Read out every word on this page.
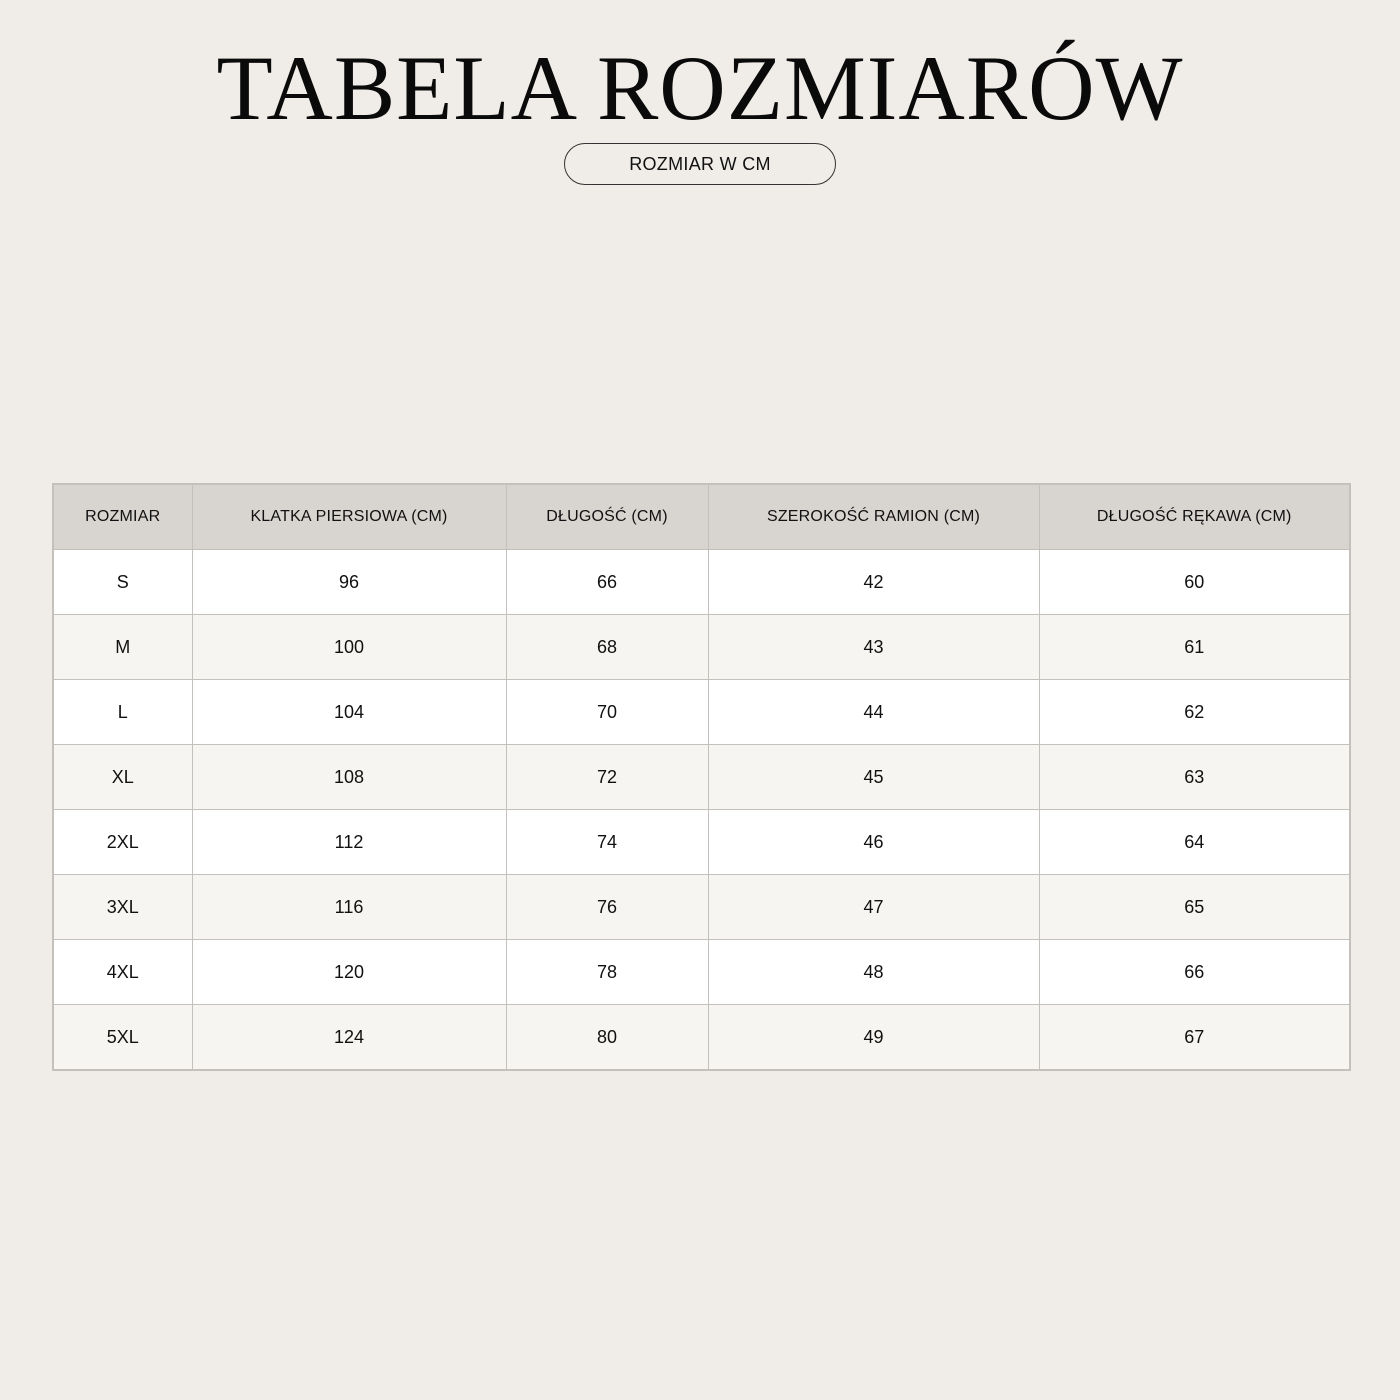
TABELA ROZMIARÓW
ROZMIAR W CM
ROZMIAR	KLATKA PIERSIOWA (CM)	DŁUGOŚĆ (CM)	SZEROKOŚĆ RAMION (CM)	DŁUGOŚĆ RĘKAWA (CM)
S	96	66	42	60
M	100	68	43	61
L	104	70	44	62
XL	108	72	45	63
2XL	112	74	46	64
3XL	116	76	47	65
4XL	120	78	48	66
5XL	124	80	49	67
